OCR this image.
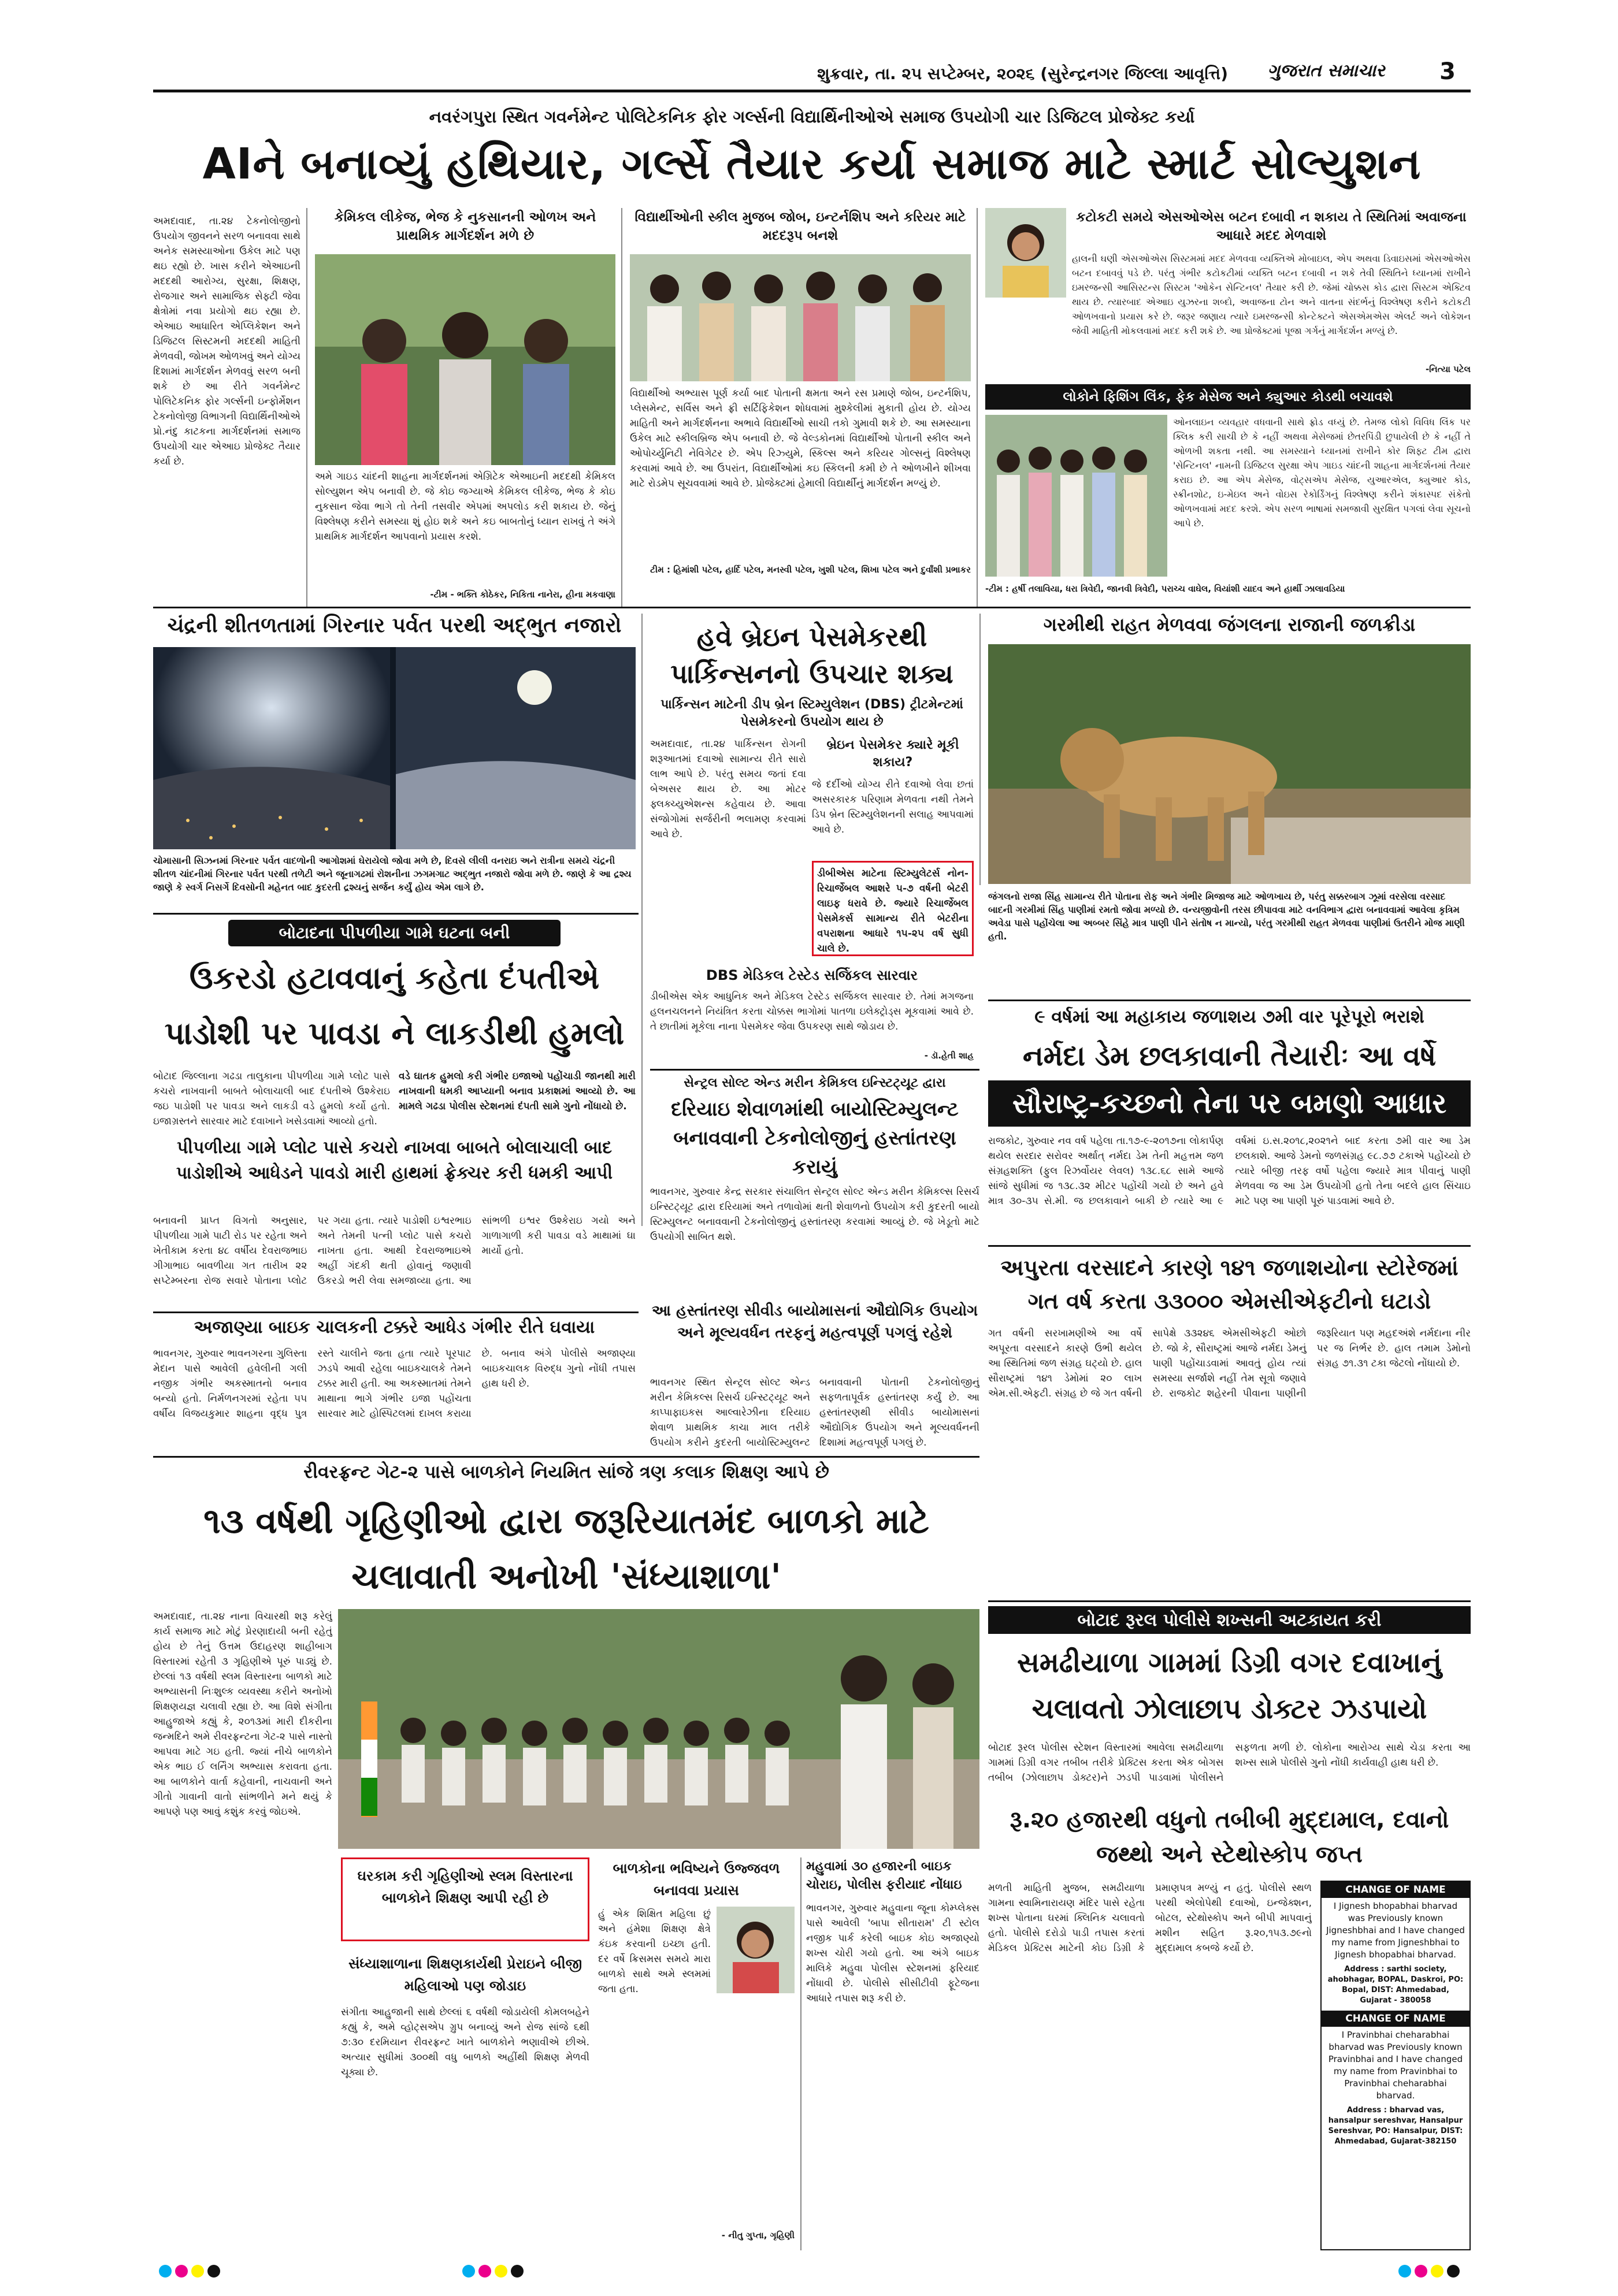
શુક્રવાર, તા. ૨૫ સપ્ટેમ્બર, ૨૦૨૬ (સુરેન્દ્રનગર જિલ્લા આવૃત્તિ)	ગુજરાત સમાચાર	3
નવરંગપુરા સ્થિત ગવર્નમેન્ટ પોલિટેકનિક ફોર ગર્લ્સની વિદ્યાર્થિનીઓએ સમાજ ઉપયોગી ચાર ડિજિટલ પ્રોજેક્ટ કર્યા
AIને બનાવ્યું હથિયાર, ગર્લ્સે તૈયાર કર્યા સમાજ માટે સ્માર્ટ સોલ્યુશન
અમદાવાદ, તા.૨૪ ટેકનોલોજીનો ઉપયોગ જીવનને સરળ બનાવવા સાથે અનેક સમસ્યાઓના ઉકેલ માટે પણ થઇ રહ્યો છે. ખાસ કરીને એઆઇની મદદથી આરોગ્ય, સુરક્ષા, શિક્ષણ, રોજગાર અને સામાજિક સેફ્ટી જેવા ક્ષેત્રોમાં નવા પ્રયોગો થઇ રહ્યા છે. એઆઇ આધારિત એપ્લિકેશન અને ડિજિટલ સિસ્ટમની મદદથી માહિતી મેળવવી, જોખમ ઓળખવું અને યોગ્ય દિશામાં માર્ગદર્શન મેળવવું સરળ બની શકે છે આ રીતે ગવર્નમેન્ટ પોલિટેકનિક ફોર ગર્લ્સની ઇન્ફોર્મેશન ટેકનોલોજી વિભાગની વિદ્યાર્થિનીઓએ પ્રો.નંદુ કાટકના માર્ગદર્શનમાં સમાજ ઉપયોગી ચાર એઆઇ પ્રોજેક્ટ તૈયાર કર્યા છે.
કેમિકલ લીકેજ, ભેજ કે નુકસાનની ઓળખ અને પ્રાથમિક માર્ગદર્શન મળે છે
અમે ગાઇડ ચાંદની શાહના માર્ગદર્શનમાં એગ્રિટેક એઆઇની મદદથી કેમિકલ સોલ્યુશન એપ બનાવી છે. જે કોઇ જગ્યાએ કેમિકલ લીકેજ, ભેજ કે કોઇ નુકસાન જેવા ભાગે તો તેની તસવીર એપમાં અપલોડ કરી શકાય છે. જેનું વિશ્લેષણ કરીને સમસ્યા શું હોઇ શકે અને કઇ બાબતોનું ધ્યાન રાખવું તે અંગે પ્રાથમિક માર્ગદર્શન આપવાનો પ્રયાસ કરશે.
-ટીમ - ભક્તિ કોઠેકર, નિકિતા નાનેરા, હીના મકવાણા
વિદ્યાર્થીઓની સ્કીલ મુજબ જોબ, ઇન્ટર્નશિપ અને કરિયર માટે મદદરૂપ બનશે
વિદ્યાર્થીઓ અભ્યાસ પૂર્ણ કર્યા બાદ પોતાની ક્ષમતા અને રસ પ્રમાણે જોબ, ઇન્ટર્નશિપ, પ્લેસમેન્ટ, સર્વિસ અને ફ્રી સર્ટિફિકેશન શોધવામાં મુશ્કેલીમાં મુકાતી હોય છે. યોગ્ય માહિતી અને માર્ગદર્શનના અભાવે વિદ્યાર્થીઓ સાચી તકો ગુમાવી શકે છે. આ સમસ્યાના ઉકેલ માટે સ્કીલબ્રિજ એપ બનાવી છે. જે વેલ્ડકોનમાં વિદ્યાર્થીઓ પોતાની સ્કીલ અને ઓપોર્ચ્યુનિટી નેવિગેટર છે. એપ રિઝ્યુમે, સ્કિલ્સ અને કરિયર ગોલ્સનું વિશ્લેષણ કરવામાં આવે છે. આ ઉપરાંત, વિદ્યાર્થીઓમાં કઇ સ્કિલની કમી છે તે ઓળખીને શીખવા માટે રોડમેપ સૂચવવામાં આવે છે. પ્રોજેક્ટમાં હેમાલી વિદ્યાર્થીનું માર્ગદર્શન મળ્યું છે.
ટીમ : હિમાંશી પટેલ, હાર્દિ પટેલ, મનસ્વી પટેલ, ખુશી પટેલ, શિખા પટેલ અને દુર્વાંશી પ્રભાકર
કટોકટી સમયે એસઓએસ બટન દબાવી ન શકાય તે સ્થિતિમાં અવાજના આધારે મદદ મેળવાશે
હાલની ઘણી એસઓએસ સિસ્ટમમાં મદદ મેળવવા વ્યક્તિએ મોબાઇલ, એપ અથવા ડિવાઇસમાં એસઓએસ બટન દબાવવું પડે છે. પરંતુ ગંભીર કટોકટીમાં વ્યક્તિ બટન દબાવી ન શકે તેવી સ્થિતિને ધ્યાનમાં રાખીને ઇમરજન્સી આસિસ્ટન્સ સિસ્ટમ 'ઓકેન સેન્ટિનલ' તૈયાર કરી છે. જેમાં ચોક્કસ કોડ દ્વારા સિસ્ટમ એક્ટિવ થાય છે. ત્યારબાદ એઆઇ યુઝરના શબ્દો, અવાજના ટોન અને વાતના સંદર્ભનું વિશ્લેષણ કરીને કટોકટી ઓળખવાનો પ્રયાસ કરે છે. જરૂર જણાય ત્યારે ઇમરજન્સી કોન્ટેક્ટને એસએમએસ એલર્ટ અને લોકેશન જેવી માહિતી મોકલવામાં મદદ કરી શકે છે. આ પ્રોજેક્ટમાં પૂજા ગર્ગનું માર્ગદર્શન મળ્યું છે.
-નિત્યા પટેલ
લોકોને ફિશિંગ લિંક, ફેક મેસેજ અને ક્યુઆર કોડથી બચાવશે
ઓનલાઇન વ્યવહાર વધવાની સાથે ફ્રોડ વધ્યું છે. તેમજ લોકો વિવિધ લિંક પર ક્લિક કરી સાચી છે કે નહીં અથવા મેસેજમાં છેતરપિંડી છુપાયેલી છે કે નહીં તે ઓળખી શકતા નથી. આ સમસ્યાને ધ્યાનમાં રાખીને કોર શિફ્ટ ટીમ દ્વારા 'સેન્ટિનલ' નામની ડિજિટલ સુરક્ષા એપ ગાઇડ ચાંદની શાહના માર્ગદર્શનમાં તૈયાર કરાઇ છે. આ એપ મેસેજ, વોટ્સએપ મેસેજ, યુઆરએલ, ક્યુઆર કોડ, સ્ક્રીનશોટ, ઇ-મેઇલ અને વોઇસ રેકોર્ડિંગનું વિશ્લેષણ કરીને શંકાસ્પદ સંકેતો ઓળખવામાં મદદ કરશે. એપ સરળ ભાષામાં સમજાવી સુરક્ષિત પગલાં લેવા સૂચનો આપે છે.
-ટીમ : હર્ષી તલાવિયા, ધરા ત્રિવેદી, જાનવી ત્રિવેદી, પરાચ્ચ વાઘેલ, વિયાંશી યાદવ અને હાર્થી ઝાલાવડિયા
ચંદ્રની શીતળતામાં ગિરનાર પર્વત પરથી અદ્ભુત નજારો
ચોમાસાની સિઝનમાં ગિરનાર પર્વત વાદળોની આગોશમાં ઘેરાયેલો જોવા મળે છે, દિવસે લીલી વનરાઇ અને રાત્રીના સમયે ચંદ્રની શીતળ ચાંદનીમાં ગિરનાર પર્વત પરથી તળેટી અને જૂનાગઢમાં રોશનીના ઝગમગાટ અદ્ભુત નજારો જોવા મળે છે. જાણે કે આ દ્રશ્ય જાણે કે સ્વર્ગ નિસર્ગે દિવસોની મહેનત બાદ કુદરતી દ્રશ્યનું સર્જન કર્યું હોય એમ લાગે છે.
હવે બ્રેઇન પેસમેકરથી પાર્કિન્સનનો ઉપચાર શક્ય
પાર્કિન્સન માટેની ડીપ બ્રેન સ્ટિમ્યુલેશન (DBS) ટ્રીટમેન્ટમાં પેસમેકરનો ઉપયોગ થાય છે
અમદાવાદ, તા.૨૪ પાર્કિન્સન રોગની શરૂઆતમાં દવાઓ સામાન્ય રીતે સારો લાભ આપે છે. પરંતુ સમય જતાં દવા બેઅસર થાય છે. આ મોટર ફ્લક્ચ્યુએશન્સ કહેવાય છે. આવા સંજોગોમાં સર્જરીની ભલામણ કરવામાં આવે છે.
બ્રેઇન પેસમેકર ક્યારે મૂકી શકાય?
જે દર્દીઓ યોગ્ય રીતે દવાઓ લેવા છતાં અસરકારક પરિણામ મેળવતા નથી તેમને ડિપ બ્રેન સ્ટિમ્યુલેશનની સલાહ આપવામાં આવે છે.
ડીબીએસ માટેના સ્ટિમ્યુલેટર્સ નોન-રિચાર્જેબલ આશરે ૫-૭ વર્ષની બેટરી લાઇફ ધરાવે છે. જ્યારે રિચાર્જેબલ પેસમેકર્સ સામાન્ય રીતે બેટરીના વપરાશના આધારે ૧૫-૨૫ વર્ષ સુધી ચાલે છે.
DBS મેડિકલ ટેસ્ટેડ સર્જિકલ સારવાર
ડીબીએસ એક આધુનિક અને મેડિકલ ટેસ્ટેડ સર્જિકલ સારવાર છે. તેમાં મગજના હલનચલનને નિયંત્રિત કરતા ચોક્કસ ભાગોમાં પાતળા ઇલેક્ટ્રોડ્સ મૂકવામાં આવે છે. તે છાતીમાં મૂકેલા નાના પેસમેકર જેવા ઉપકરણ સાથે જોડાય છે.
- ડૉ.હેતી શાહ
ગરમીથી રાહત મેળવવા જંગલના રાજાની જળક્રીડા
બોટાદના પીપળીયા ગામે ઘટના બની
ઉકરડો હટાવવાનું કહેતા દંપતીએ પાડોશી પર પાવડા ને લાકડીથી હુમલો
બોટાદ જિલ્લાના ગઢડા તાલુકાના પીપળીયા ગામે પ્લોટ પાસે કચરો નાખવાની બાબતે બોલાચાલી બાદ દંપતીએ ઉશ્કેરાઇ જઇ પાડોશી પર પાવડા અને લાકડી વડે હુમલો કર્યો હતો. ઇજાગ્રસ્તને સારવાર માટે દવાખાને ખસેડવામાં આવ્યો હતો.
વડે ઘાતક હુમલો કરી ગંભીર ઇજાઓ પહોંચાડી જાનથી મારી નાખવાની ધમકી આપ્યાની બનાવ પ્રકાશમાં આવ્યો છે. આ મામલે ગઢડા પોલીસ સ્ટેશનમાં દંપતી સામે ગુનો નોંધાયો છે.
પીપળીયા ગામે પ્લોટ પાસે કચરો નાખવા બાબતે બોલાચાલી બાદ પાડોશીએ આધેડને પાવડો મારી હાથમાં ફ્રેક્ચર કરી ધમકી આપી
બનાવની પ્રાપ્ત વિગતો અનુસાર, પીપળીયા ગામે પાટી રોડ પર રહેતા અને ખેતીકામ કરતા ૪૮ વર્ષીય દેવરાજભાઇ ગીગાભાઇ બાવળીયા ગત તારીખ ૨૨ સપ્ટેમ્બરના રોજ સવારે પોતાના પ્લોટ પર ગયા હતા. ત્યારે પાડોશી ઇશ્વરભાઇ અને તેમની પત્ની પ્લોટ પાસે કચરો નાખતા હતા. આથી દેવરાજભાઇએ અહીં ગંદકી થતી હોવાનું જણાવી ઉકરડો ભરી લેવા સમજાવ્યા હતા. આ સાંભળી ઇશ્વર ઉશ્કેરાઇ ગયો અને ગાળાગાળી કરી પાવડા વડે માથામાં ઘા માર્યો હતો.
જંગલનો રાજા સિંહ સામાન્ય રીતે પોતાના રોફ અને ગંભીર મિજાજ માટે ઓળખાય છે, પરંતુ સક્કરબાગ ઝૂમાં વરસેલા વરસાદ બાદની ગરમીમાં સિંહ પાણીમાં રમતો જોવા મળ્યો છે. વન્યજીવોની તરસ છીપાવવા માટે વનવિભાગ દ્વારા બનાવવામાં આવેલા કૃત્રિમ અવેડા પાસે પહોંચેલા આ અબ્બર સિંહે માત્ર પાણી પીને સંતોષ ન માન્યો, પરંતુ ગરમીથી રાહત મેળવવા પાણીમાં ઉતરીને મોજ માણી હતી.
૯ વર્ષમાં આ મહાકાય જળાશય ૭મી વાર પૂરેપૂરો ભરાશે
નર્મદા ડેમ છલકાવાની તૈયારીઃ આ વર્ષે
સૌરાષ્ટ્ર-કચ્છનો તેના પર બમણો આધાર
રાજકોટ, ગુરુવાર નવ વર્ષ પહેલા તા.૧૭-૯-૨૦૧૭ના લોકાર્પણ થયેલ સરદાર સરોવર અર્થાત્ નર્મદા ડેમ તેની મહત્તમ જળ સંગ્રહશક્તિ (ફુલ રિઝર્વોયર લેવલ) ૧૩૮.૬૮ સામે આજે સાંજે સુધીમાં જ ૧૩૮.૩૨ મીટર પહોંચી ગયો છે અને હવે માત્ર ૩૦-૩૫ સે.મી. જ છલકાવાને બાકી છે ત્યારે આ ૯ વર્ષમાં ઇ.સ.૨૦૧૮,૨૦૨૧ને બાદ કરતા ૭મી વાર આ ડેમ છલકાશે. આજે ડેમનો જળસંગ્રહ ૯૮.૭૭ ટકાએ પહોંચ્યો છે ત્યારે બીજી તરફ વર્ષો પહેલા જ્યારે માત્ર પીવાનું પાણી મેળવવા જ આ ડેમ ઉપયોગી હતો તેના બદલે હાલ સિંચાઇ માટે પણ આ પાણી પૂરું પાડવામાં આવે છે.
અપુરતા વરસાદને કારણે ૧૪૧ જળાશયોના સ્ટોરેજમાં ગત વર્ષ કરતા ૩૩૦૦૦ એમસીએફટીનો ઘટાડો
ગત વર્ષની સરખામણીએ આ વર્ષે અપૂરતા વરસાદને કારણે ઉભી થયેલ આ સ્થિતિમાં જળ સંગ્રહ ઘટ્યો છે. હાલ સૌરાષ્ટ્રમાં ૧૪૧ ડેમોમાં ૨૦ લાખ એમ.સી.એફટી. સંગ્રહ છે જે ગત વર્ષની સાપેક્ષે ૩૩૨૪૬ એમસીએફટી ઓછો છે. જો કે, સૌરાષ્ટ્રમાં આજે નર્મદા ડેમનું પાણી પહોંચાડવામાં આવતું હોય ત્યાં સમસ્યા સર્જાશે નહીં તેમ સૂત્રો જણાવે છે. રાજકોટ શહેરની પીવાના પાણીની જરૂરિયાત પણ મહદઅંશે નર્મદાના નીર પર જ નિર્ભર છે. હાલ તમામ ડેમોનો સંગ્રહ ૭૧.૩૧ ટકા જેટલો નોંધાયો છે.
સેન્ટ્રલ સોલ્ટ એન્ડ મરીન કેમિકલ ઇન્સ્ટિટ્યૂટ દ્વારા
દરિયાઇ શેવાળમાંથી બાયોસ્ટિમ્યુલન્ટ બનાવવાની ટેકનોલોજીનું હસ્તાંતરણ કરાયું
ભાવનગર, ગુરુવાર કેન્દ્ર સરકાર સંચાલિત સેન્ટ્રલ સોલ્ટ એન્ડ મરીન કેમિકલ્સ રિસર્ચ ઇન્સ્ટિટ્યૂટ દ્વારા દરિયામાં અને તળાવોમાં થતી શેવાળનો ઉપયોગ કરી કુદરતી બાયો સ્ટિમ્યુલન્ટ બનાવવાની ટેકનોલોજીનું હસ્તાંતરણ કરવામાં આવ્યું છે. જે ખેડૂતો માટે ઉપયોગી સાબિત થશે.
આ હસ્તાંતરણ સીવીડ બાયોમાસનાં ઔદ્યોગિક ઉપયોગ અને મૂલ્યવર્ધન તરફનું મહત્વપૂર્ણ પગલું રહેશે
ભાવનગર સ્થિત સેન્ટ્રલ સોલ્ટ એન્ડ મરીન કેમિકલ્સ રિસર્ચ ઇન્સ્ટિટ્યૂટ અને કાપ્પાફાઇકસ આલ્વારેઝીના દરિયાઇ શેવાળ પ્રાથમિક કાચા માલ તરીકે ઉપયોગ કરીને કુદરતી બાયોસ્ટિમ્યુલન્ટ બનાવવાની પોતાની ટેકનોલોજીનું સફળતાપૂર્વક હસ્તાંતરણ કર્યું છે. આ હસ્તાંતરણથી સીવીડ બાયોમાસનાં ઔદ્યોગિક ઉપયોગ અને મૂલ્યવર્ધનની દિશામાં મહત્વપૂર્ણ પગલું છે.
અજાણ્યા બાઇક ચાલકની ટક્કરે આધેડ ગંભીર રીતે ઘવાયા
ભાવનગર, ગુરુવાર ભાવનગરના ગુલિસ્તા મેદાન પાસે આવેલી હવેલીની ગલી નજીક ગંભીર અકસ્માતનો બનાવ બન્યો હતો. નિર્મળનગરમાં રહેતા ૫૫ વર્ષીય વિજયકુમાર શાહના વૃદ્ધ પુત્ર રસ્તે ચાલીને જતા હતા ત્યારે પૂરપાટ ઝડપે આવી રહેલા બાઇકચાલકે તેમને ટક્કર મારી હતી. આ અકસ્માતમાં તેમને માથાના ભાગે ગંભીર ઇજા પહોંચતા સારવાર માટે હોસ્પિટલમાં દાખલ કરાયા છે. બનાવ અંગે પોલીસે અજાણ્યા બાઇકચાલક વિરુદ્ધ ગુનો નોંધી તપાસ હાથ ધરી છે.
રીવરફ્રન્ટ ગેટ-૨ પાસે બાળકોને નિયમિત સાંજે ત્રણ કલાક શિક્ષણ આપે છે
૧૩ વર્ષથી ગૃહિણીઓ દ્વારા જરૂરિયાતમંદ બાળકો માટે ચલાવાતી અનોખી 'સંધ્યાશાળા'
અમદાવાદ, તા.૨૪ નાના વિચારથી શરૂ કરેલું કાર્ય સમાજ માટે મોટું પ્રેરણાદાયી બની રહેતું હોય છે તેનું ઉત્તમ ઉદાહરણ શાહીબાગ વિસ્તારમાં રહેતી ૩ ગૃહિણીએ પૂરું પાડ્યું છે. છેલ્લાં ૧૩ વર્ષથી સ્લમ વિસ્તારના બાળકો માટે અભ્યાસની નિઃશુલ્ક વ્યવસ્થા કરીને અનોખો શિક્ષણયજ્ઞ ચલાવી રહ્યા છે. આ વિશે સંગીતા આહુજાએ કહ્યું કે, ૨૦૧૩માં મારી દીકરીના જન્મદિને અમે રીવરફ્રન્ટના ગેટ-૨ પાસે નાસ્તો આપવા માટે ગઇ હતી. જ્યાં નીચે બાળકોને એક ભાઇ ઈ લર્નિંગ અભ્યાસ કરાવતા હતા. આ બાળકોને વાર્તા કહેવાની, નાચવાની અને ગીતો ગાવાની વાતો સાંભળીને મને થયું કે આપણે પણ આવું કશુંક કરવું જોઇએ.
ઘરકામ કરી ગૃહિણીઓ સ્લમ વિસ્તારના બાળકોને શિક્ષણ આપી રહી છે
સંધ્યાશાળાના શિક્ષણકાર્યથી પ્રેરાઇને બીજી મહિલાઓ પણ જોડાઇ
સંગીતા આહુજાની સાથે છેલ્લાં ૬ વર્ષથી જોડાયેલી કોમલબહેને કહ્યું કે, અમે વ્હોટ્સએપ ગ્રુપ બનાવ્યું અને રોજ સાંજે ૬થી ૭:૩૦ દરમિયાન રીવરફ્રન્ટ ખાતે બાળકોને ભણાવીએ છીએ. અત્યાર સુધીમાં ૩૦૦થી વધુ બાળકો અહીંથી શિક્ષણ મેળવી ચૂક્યા છે.
બાળકોના ભવિષ્યને ઉજ્જવળ બનાવવા પ્રયાસ
હું એક શિક્ષિત મહિલા છું અને હંમેશા શિક્ષણ ક્ષેત્રે કંઇક કરવાની ઇચ્છા હતી. દર વર્ષે ક્રિસમસ સમયે મારા બાળકો સાથે અમે સ્લમમાં જતા હતા.
- નીતુ ગુપ્તા, ગૃહિણી
મહુવામાં ૩૦ હજારની બાઇક ચોરાઇ, પોલીસ ફરીયાદ નોંધાઇ
ભાવનગર, ગુરુવાર મહુવાના જૂના કોમ્પ્લેક્સ પાસે આવેલી 'બાપા સીતારામ' ટી સ્ટોલ નજીક પાર્ક કરેલી બાઇક કોઇ અજાણ્યો શખ્સ ચોરી ગયો હતો. આ અંગે બાઇક માલિકે મહુવા પોલીસ સ્ટેશનમાં ફરિયાદ નોંધાવી છે. પોલીસે સીસીટીવી ફૂટેજના આધારે તપાસ શરૂ કરી છે.
બોટાદ રૂરલ પોલીસે શખ્સની અટકાયત કરી
સમઢીયાળા ગામમાં ડિગ્રી વગર દવાખાનું ચલાવતો ઝોલાછાપ ડોક્ટર ઝડપાયો
બોટાદ રૂરલ પોલીસ સ્ટેશન વિસ્તારમાં આવેલા સમઢીયાળા ગામમાં ડિગ્રી વગર તબીબ તરીકે પ્રેક્ટિસ કરતા એક બોગસ તબીબ (ઝોલાછાપ ડોક્ટર)ને ઝડપી પાડવામાં પોલીસને સફળતા મળી છે. લોકોના આરોગ્ય સાથે ચેડા કરતા આ શખ્સ સામે પોલીસે ગુનો નોંધી કાર્યવાહી હાથ ધરી છે.
રૂ.૨૦ હજારથી વધુનો તબીબી મુદ્દામાલ, દવાનો જથ્થો અને સ્ટેથોસ્કોપ જપ્ત
મળતી માહિતી મુજબ, સમઢીયાળા ગામના સ્વામિનારાયણ મંદિર પાસે રહેતા શખ્સ પોતાના ઘરમાં ક્લિનિક ચલાવતો હતો. પોલીસે દરોડો પાડી તપાસ કરતાં મેડિકલ પ્રેક્ટિસ માટેની કોઇ ડિગ્રી કે પ્રમાણપત્ર મળ્યું ન હતું. પોલીસે સ્થળ પરથી એલોપેથી દવાઓ, ઇન્જેક્શન, બોટલ, સ્ટેથોસ્કોપ અને બીપી માપવાનું મશીન સહિત રૂ.૨૦,૧૫૩.૭૯નો મુદ્દામાલ કબજે કર્યો છે.
CHANGE OF NAME
I Jignesh bhopabhai bharvad was Previously known Jigneshbhai and I have changed my name from Jigneshbhai to Jignesh bhopabhai bharvad.
Address : sarthi society, ahobhagar, BOPAL, Daskroi, PO: Bopal, DIST: Ahmedabad, Gujarat - 380058
CHANGE OF NAME
I Pravinbhai cheharabhai bharvad was Previously known Pravinbhai and I have changed my name from Pravinbhai to Pravinbhai cheharabhai bharvad.
Address : bharvad vas, hansalpur sereshvar, Hansalpur Sereshvar, PO: Hansalpur, DIST: Ahmedabad, Gujarat-382150
